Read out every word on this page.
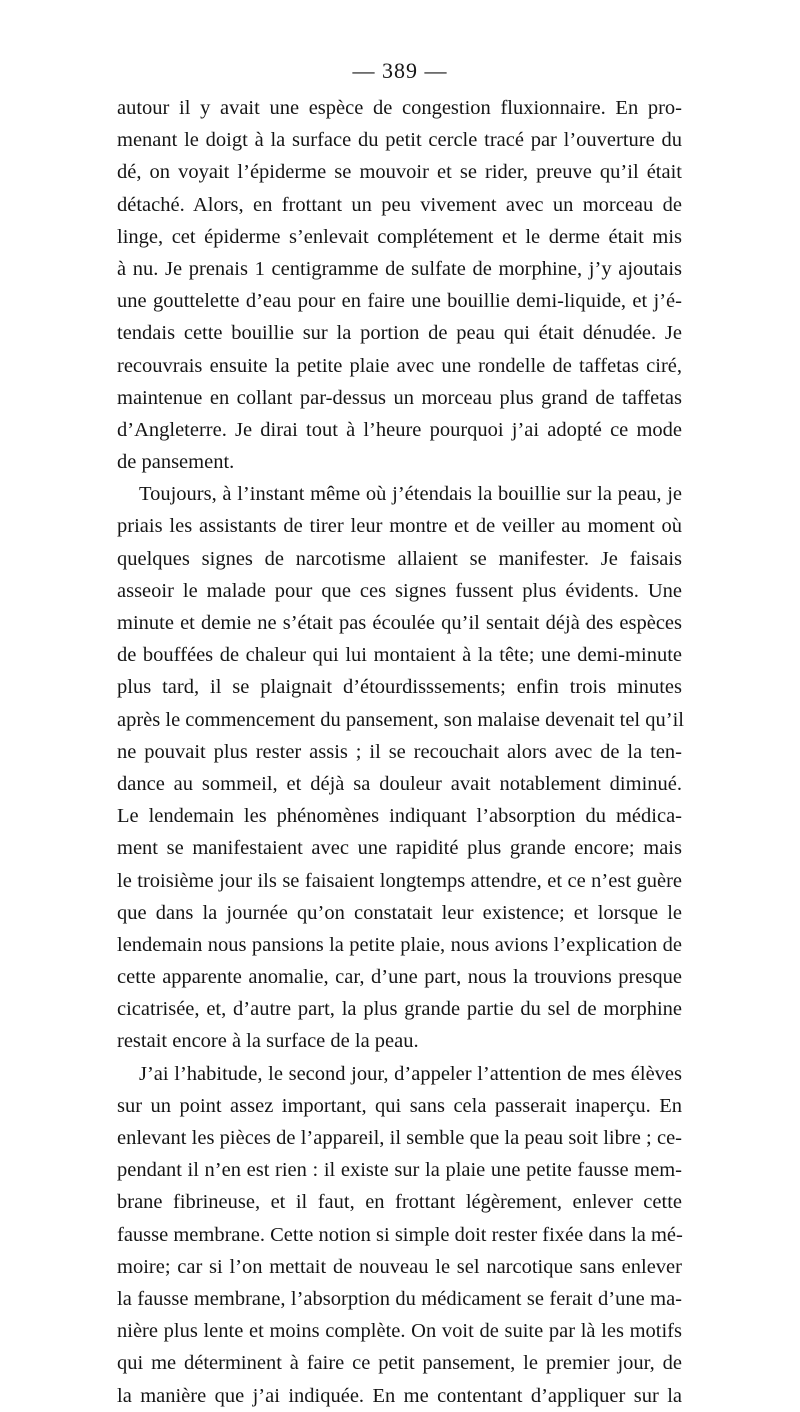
— 389 —
autour il y avait une espèce de congestion fluxionnaire. En pro-
menant le doigt à la surface du petit cercle tracé par l’ouverture du
dé, on voyait l’épiderme se mouvoir et se rider, preuve qu’il était
détaché. Alors, en frottant un peu vivement avec un morceau de
linge, cet épiderme s’enlevait complétement et le derme était mis
à nu. Je prenais 1 centigramme de sulfate de morphine, j’y ajoutais
une gouttelette d’eau pour en faire une bouillie demi-liquide, et j’é-
tendais cette bouillie sur la portion de peau qui était dénudée. Je
recouvrais ensuite la petite plaie avec une rondelle de taffetas ciré,
maintenue en collant par-dessus un morceau plus grand de taffetas
d’Angleterre. Je dirai tout à l’heure pourquoi j’ai adopté ce mode
de pansement.
Toujours, à l’instant même où j’étendais la bouillie sur la peau, je
priais les assistants de tirer leur montre et de veiller au moment où
quelques signes de narcotisme allaient se manifester. Je faisais
asseoir le malade pour que ces signes fussent plus évidents. Une
minute et demie ne s’était pas écoulée qu’il sentait déjà des espèces
de bouffées de chaleur qui lui montaient à la tête; une demi-minute
plus tard, il se plaignait d’étourdisssements; enfin trois minutes
après le commencement du pansement, son malaise devenait tel qu’il
ne pouvait plus rester assis ; il se recouchait alors avec de la ten-
dance au sommeil, et déjà sa douleur avait notablement diminué.
Le lendemain les phénomènes indiquant l’absorption du médica-
ment se manifestaient avec une rapidité plus grande encore; mais
le troisième jour ils se faisaient longtemps attendre, et ce n’est guère
que dans la journée qu’on constatait leur existence; et lorsque le
lendemain nous pansions la petite plaie, nous avions l’explication de
cette apparente anomalie, car, d’une part, nous la trouvions presque
cicatrisée, et, d’autre part, la plus grande partie du sel de morphine
restait encore à la surface de la peau.
J’ai l’habitude, le second jour, d’appeler l’attention de mes élèves
sur un point assez important, qui sans cela passerait inaperçu. En
enlevant les pièces de l’appareil, il semble que la peau soit libre ; ce-
pendant il n’en est rien : il existe sur la plaie une petite fausse mem-
brane fibrineuse, et il faut, en frottant légèrement, enlever cette
fausse membrane. Cette notion si simple doit rester fixée dans la mé-
moire; car si l’on mettait de nouveau le sel narcotique sans enlever
la fausse membrane, l’absorption du médicament se ferait d’une ma-
nière plus lente et moins complète. On voit de suite par là les motifs
qui me déterminent à faire ce petit pansement, le premier jour, de
la manière que j’ai indiquée. En me contentant d’appliquer sur la
